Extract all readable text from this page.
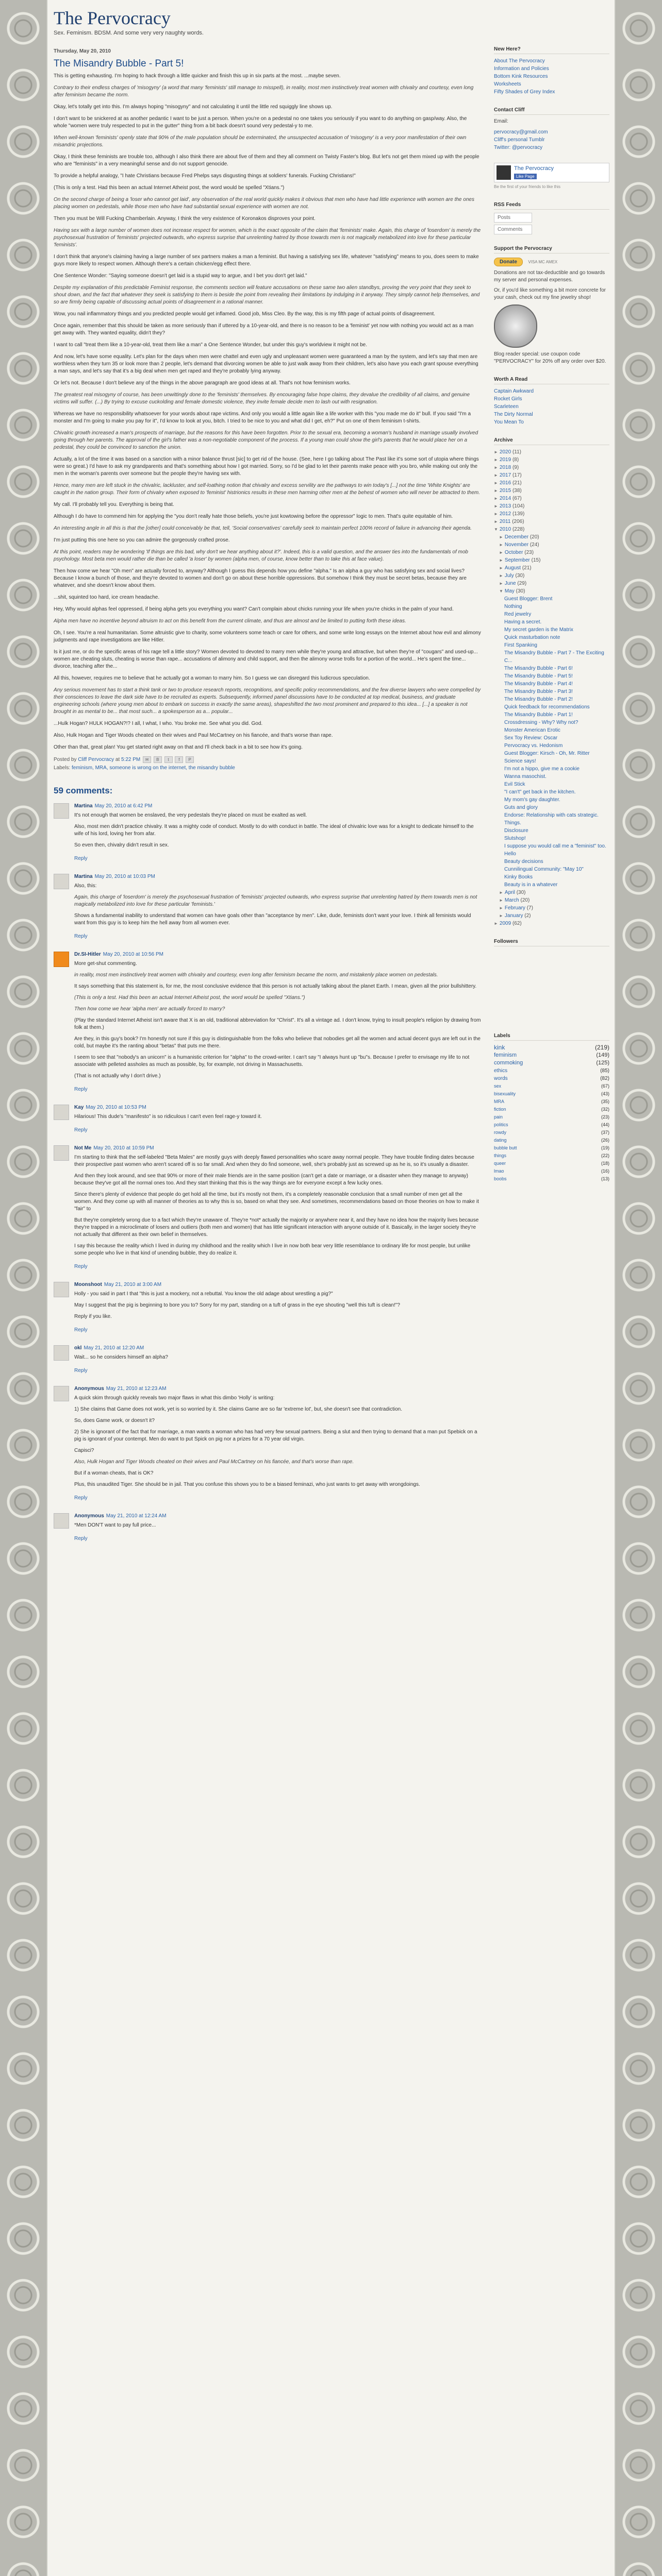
The Pervocracy
Sex. Feminism. BDSM. And some very very naughty words.
Thursday, May 20, 2010
The Misandry Bubble - Part 5!

This is getting exhausting. I'm hoping to hack through a little quicker and finish this up in six parts at the most. ...maybe seven.

Contrary to their endless charges of 'misogyny' (a word that many 'feminists' still manage to misspell), in reality, most men instinctively treat women with chivalry and courtesy, even long after feminism became the norm.

Okay, let's totally get into this. I'm always hoping "misogyny" and not calculating it until the little red squiggly line shows up.

I don't want to be snickered at as another pedantic I want to be just a person. When you're on a pedestal no one takes you seriously if you want to do anything on gasp/way. Also, the whole "women were truly respected to put in the gutter" thing from a bit back doesn't sound very pedestal-y to me.

When well-known 'feminists' openly state that 90% of the male population should be exterminated, the unsuspected accusation of 'misogyny' is a very poor manifestation of their own misandric projections.

Okay, I think these feminists are trouble too, although I also think there are about five of them and they all comment on Twisty Faster's blog. But let's not get them mixed up with the people who are "feminists" in a very meaningful sense and do not support genocide.

To provide a helpful analogy, "I hate Christians because Fred Phelps says disgusting things at soldiers' funerals. Fucking Christians!"

(This is only a test. Had this been an actual Internet Atheist post, the word would be spelled "Xtians.")

On the second charge of being a 'loser who cannot get laid', any observation of the real world quickly makes it obvious that men who have had little experience with women are the ones placing women on pedestals, while those men who have had substantial sexual experience with women are not.

Then you must be Will Fucking Chamberlain. Anyway, I think the very existence of Koronakos disproves your point.

Having sex with a large number of women does not increase respect for women, which is the exact opposite of the claim that 'feminists' make. Again, this charge of 'loserdom' is merely the psychosexual frustration of 'feminists' projected outwards, who express surprise that unrelenting hatred by those towards men is not magically metabolized into love for these particular 'feminists'.

I don't think that anyone's claiming having a large number of sex partners makes a man a feminist. But having a satisfying sex life, whatever "satisfying" means to you, does seem to make guys more likely to respect women. Although there's a certain chicken/egg effect there.

One Sentence Wonder: "Saying someone doesn't get laid is a stupid way to argue, and I bet you don't get laid."

Despite my explanation of this predictable Feminist response, the comments section will feature accusations on these same two alien standbys, proving the very point that they seek to shout down, and the fact that whatever they seek is satisfying to them is beside the point from revealing their limitations by indulging in it anyway. They simply cannot help themselves, and so are firmly being capable of discussing actual points of disagreement in a rational manner.

Wow, you nail inflammatory things and you predicted people would get inflamed. Good job, Miss Cleo. By the way, this is my fifth page of actual points of disagreement.

Once again, remember that this should be taken as more seriously than if uttered by a 10-year-old, and there is no reason to be a 'feminist' yet now with nothing you would act as a man get away with. They wanted equality, didn't they?

I want to call "treat them like a 10-year-old, treat them like a man" a One Sentence Wonder, but under this guy's worldview it might not be.

And now, let's have some equality. Let's plan for the days when men were chattel and even ugly and unpleasant women were guaranteed a man by the system, and let's say that men are worthless when they turn 35 or look more than 2 people, let's demand that divorcing women be able to just walk away from their children, let's also have you each grant spouse everything a man says, and let's say that it's a big deal when men get raped and they're probably lying anyway.

Or let's not. Because I don't believe any of the things in the above paragraph are good ideas at all. That's not how feminism works.

The greatest real misogyny of course, has been unwittingly done to the 'feminists' themselves. By encouraging false hope claims, they devalue the credibility of all claims, and genuine victims will suffer. (...) By trying to excuse cuckolding and female domestic violence, they invite female decide men to lash out with resignation.

Whereas we have no responsibility whatsoever for your words about rape victims. And only you would a little again like a life worker with this "you made me do it" bull. If you said "I'm a monster and I'm going to make you pay for it", I'd know to look at you, bitch. I tried to be nice to you and what did I get, eh?" Put on one of them feminism t-shirts.

Chivalric growth increased a man's prospects of marriage, but the reasons for this have been forgotten. Prior to the sexual era, becoming a woman's husband in marriage usually involved going through her parents. The approval of the girl's father was a non-negotiable component of the process. If a young man could show the girl's parents that he would place her on a pedestal, they could be convinced to sanction the union.

Actually, a lot of the time it was based on a sanction with a minor balance thrust [sic] to get rid of the house. (See, here I go talking about The Past like it's some sort of utopia where things were so great.) I'd have to ask my grandparents and that's something about how I got married. Sorry, so I'd be glad to let their parents make peace with you bro, while making out only the men in the woman's parents over someone but the people they're having sex with.

Hence, many men are left stuck in the chivalric, lackluster, and self-loathing notion that chivalry and excess servility are the pathways to win today's [...] not the time 'White Knights' are caught in the nation group. Their form of chivalry when exposed to 'feminist' histrionics results in these men harming other men at the behest of women who will never be attracted to them.

My call. I'll probably tell you. Everything is being that.

Although I do have to commend him for applying the "you don't really hate those beliefs, you're just kowtowing before the oppressor" logic to men. That's quite equitable of him.

An interesting angle in all this is that the [other] could conceivably be that, tell, 'Social conservatives' carefully seek to maintain perfect 100% record of failure in advancing their agenda.

I'm just putting this one here so you can admire the gorgeously crafted prose.

At this point, readers may be wondering 'If things are this bad, why don't we hear anything about it?'. Indeed, this is a valid question, and the answer ties into the fundamentals of mob psychology. Most beta men would rather die than be called 'a loser' by women (alpha men, of course, know better than to take this at face value).

Then how come we hear "Oh men" are actually forced to, anyway? Although I guess this depends how you define "alpha." Is an alpha a guy who has satisfying sex and social lives? Because I know a bunch of those, and they're devoted to women and don't go on about these horrible oppressions. But somehow I think they must be secret betas, because they are whatever, and she doesn't know about them.

...shit, squinted too hard, ice cream headache.

Hey, Why would alphas feel oppressed, if being alpha gets you everything you want? Can't complain about chicks running your life when you're chicks in the palm of your hand.

Alpha men have no incentive beyond altruism to act on this benefit from the current climate, and thus are almost and be limited to putting forth these ideas.

Oh, I see. You're a real humanitarian. Some altruistic give to charity, some volunteers some teach or care for others, and some write long essays on the Internet about how evil and alimony judgments and rape investigations are like Hitler.

Is it just me, or do the specific areas of his rage tell a little story? Women devoted to devoted to marry men while they're young and attractive, but when they're of "cougars" and used-up... women are cheating sluts, cheating is worse than rape... accusations of alimony and child support, and then the alimony worse trolls for a portion of the world... He's spent the time... divorce, teaching after the...

All this, however, requires me to believe that he actually got a woman to marry him. So I guess we can disregard this ludicrous speculation.

Any serious movement has to start a think tank or two to produce research reports, recognitions, and specific policy recommendations, and the few diverse lawyers who were compelled by their consciences to leave the dark side have to be recruited as experts. Subsequently, informed panel discussions have to be conducted at top medical, business, and graduate engineering schools (where young men about to embark on success in exactly the same areas), shapeshifted the two most prominent and prepared to this idea... [...] a speaker is not brought in as mental to be... that most such... a spokesperson as a... popular...

...Hulk Hogan? HULK HOGAN?!? I all, I what, I who. You broke me. See what you did. God.

Also, Hulk Hogan and Tiger Woods cheated on their wives and Paul McCartney on his fiancée, and that's worse than rape.

Other than that, great plan! You get started right away on that and I'll check back in a bit to see how it's going.

Posted by Cliff Pervocracy at 5:22 PM ✉ B t f P
Labels: feminism, MRA, someone is wrong on the internet, the misandry bubble
59 comments:
Martina May 20, 2010 at 6:42 PM

It's not enough that women be enslaved, the very pedestals they're placed on must be exalted as well.

Also, most men didn't practice chivalry. It was a mighty code of conduct. Mostly to do with conduct in battle. The ideal of chivalric love was for a knight to dedicate himself to the wife of his lord, loving her from afar.

So even then, chivalry didn't result in sex.

Reply
Martina May 20, 2010 at 10:03 PM

Also, this:

Again, this charge of 'loserdom' is merely the psychosexual frustration of 'feminists' projected outwards, who express surprise that unrelenting hatred by them towards men is not magically metabolized into love for these particular 'feminists.'

Shows a fundamental inability to understand that women can have goals other than "acceptance by men". Like, dude, feminists don't want your love. I think all feminists would want from this guy is to keep him the hell away from all women ever.

Reply
Dr.SI-Hitler May 20, 2010 at 10:56 PM

More get-shut commenting.

in reality, most men instinctively treat women with chivalry and courtesy, even long after feminism became the norm, and mistakenly place women on pedestals.

It says something that this statement is, for me, the most conclusive evidence that this person is not actually talking about the planet Earth. I mean, given all the prior bullshittery.

(This is only a test. Had this been an actual Internet Atheist post, the word would be spelled "Xtians.")

Then how come we hear 'alpha men' are actually forced to marry?

(Play the standard Internet Atheist isn't aware that X is an old, traditional abbreviation for "Christ". It's all a vintage ad. I don't know, trying to insult people's religion by drawing from folk at them.)

Are they, in this guy's book? I'm honestly not sure if this guy is distinguishable from the folks who believe that nobodies get all the women and actual decent guys are left out in the cold, but maybe it's the ranting about "betas" that puts me there.

I seem to see that "nobody's an unicorn" is a humanistic criterion for "alpha" to the crowd-writer. I can't say "I always hunt up "bu"s. Because I prefer to envisage my life to not associate with pelleted assholes as much as possible, by, for example, not driving in Massachusetts.

(That is not actually why I don't drive.)

Reply
Kay May 20, 2010 at 10:53 PM

Hilarious! This dude's "manifesto" is so ridiculous I can't even feel rage-y toward it.

Reply
Not Me May 20, 2010 at 10:59 PM

I'm starting to think that the self-labeled "Beta Males" are mostly guys with deeply flawed personalities who scare away normal people. They have trouble finding dates because their prospective past women who aren't scared off is so far small. And when they do find someone, well, she's probably just as screwed up as he is, so it's usually a disaster.

And then they look around, and see that 90% or more of their male friends are in the same position (can't get a date or marriage, or a disaster when they manage to anyway) because they've got all the normal ones too. And they start thinking that this is the way things are for everyone except a few lucky ones.

Since there's plenty of evidence that people do get hold all the time, but it's mostly not them, it's a completely reasonable conclusion that a small number of men get all the women. And they come up with all manner of theories as to why this is so, based on what they see. And sometimes, recommendations based on those theories on how to make it "fair" to

But they're completely wrong due to a fact which they're unaware of. They're *not* actually the majority or anywhere near it, and they have no idea how the majority lives because they're trapped in a microclimate of losers and outliers (both men and women) that has little significant interaction with anyone outside of it. Basically, in the larger society they're not actually that different as their own belief in themselves.

I say this because the reality which I lived in during my childhood and the reality which I live in now both bear very little resemblance to ordinary life for most people, but unlike some people who live in that kind of unending bubble, they do realize it.

Reply
Moonshoot May 21, 2010 at 3:00 AM

Holly - you said in part I that "this is just a mockery, not a rebuttal. You know the old adage about wrestling a pig?"

May I suggest that the pig is beginning to bore you to? Sorry for my part, standing on a tuft of grass in the eye shouting "well this tuft is clean!"?

Reply if you like.

Reply
okl May 21, 2010 at 12:20 AM

Wait... so he considers himself an alpha?

Reply
Anonymous May 21, 2010 at 12:23 AM

A quick skim through quickly reveals two major flaws in what this dimbo 'Holly' is writing:

1) She claims that Game does not work, yet is so worried by it. She claims Game are so far 'extreme lot', but, she doesn't see that contradiction.

So, does Game work, or doesn't it?

2) She is ignorant of the fact that for marriage, a man wants a woman who has had very few sexual partners. Being a slut and then trying to demand that a man put Spebick on a pig is ignorant of your contempt. Men do want to put Spick on pig nor a prizes for a 70 year old virgin.

Capisci?

Also, Hulk Hogan and Tiger Woods cheated on their wives and Paul McCartney on his fiancée, and that's worse than rape.

But if a woman cheats, that is OK?

Plus, this unaudited Tiger. She should be in jail. That you confuse this shows you to be a biased feminazi, who just wants to get away with wrongdoings.

Reply
Anonymous May 21, 2010 at 12:24 AM

*Men DON'T want to pay full price...

Reply
New Here?
About The Pervocracy
Information and Policies
Bottom Kink Resources
Worksheets
Fifty Shades of Grey Index
Contact Cliff
Email:
pervocracy@gmail.com
Cliff's personal Tumblr
Twitter: @pervocracy
The Pervocracy
Like Page
Be the first of your friends to like this
RSS Feeds
Posts
Comments
Support the Pervocracy
Donate	VISA MC AMEX

Donations are not tax-deductible and go towards my server and personal expenses.

Or, if you'd like something a bit more concrete for your cash, check out my fine jewelry shop!

Blog reader special: use coupon code "PERVOCRACY" for 20% off any order over $20.

Worth A Read
Captain Awkward
Rocket Girls
Scarleteen
The Dirty Normal
You Mean To
Archive
► 2020 (11)
► 2019 (8)
► 2018 (9)
► 2017 (17)
► 2016 (21)
► 2015 (38)
► 2014 (67)
► 2013 (104)
► 2012 (139)
► 2011 (206)
▼ 2010 (228)
► December (20)
► November (24)
► October (23)
► September (15)
► August (21)
► July (30)
► June (29)
▼ May (30)
Guest Blogger: Brent
Nothing
Red jewelry
Having a secret.
My secret garden is the Matrix
Quick masturbation note
First Spanking
The Misandry Bubble - Part 7 - The Exciting C...
The Misandry Bubble - Part 6!
The Misandry Bubble - Part 5!
The Misandry Bubble - Part 4!
The Misandry Bubble - Part 3!
The Misandry Bubble - Part 2!
Quick feedback for recommendations
The Misandry Bubble - Part 1!
Crossdressing - Why? Why not?
Monster American Erotic
Sex Toy Review: Oscar
Pervocracy vs. Hedonism
Guest Blogger: Kirsch - Oh, Mr. Ritter
Science says!
I'm not a hippo, give me a cookie
Wanna masochist.
Evil Stick
"I can't" get back in the kitchen.
My mom's gay daughter.
Guts and glory
Endorse: Relationship with cats strategic. Things.
Disclosure
Slutshop!
I suppose you would call me a "feminist" too. Hello
Beauty decisions
Cunnilingual Community: "May 10"
Kinky Books
Beauty is in a whatever
► April (30)
► March (20)
► February (7)
► January (2)
► 2009 (62)
Followers
Labels
kink	(219)
feminism	(149)
commoking	(125)
ethics	(85)
words	(82)
sex	(67)
bisexuality	(43)
MRA	(35)
fiction	(32)
pain	(23)
politics	(44)
rowdy	(37)
dating	(26)
bubble butt	(19)
things	(22)
queer	(18)
lmao	(16)
boobs	(13)
